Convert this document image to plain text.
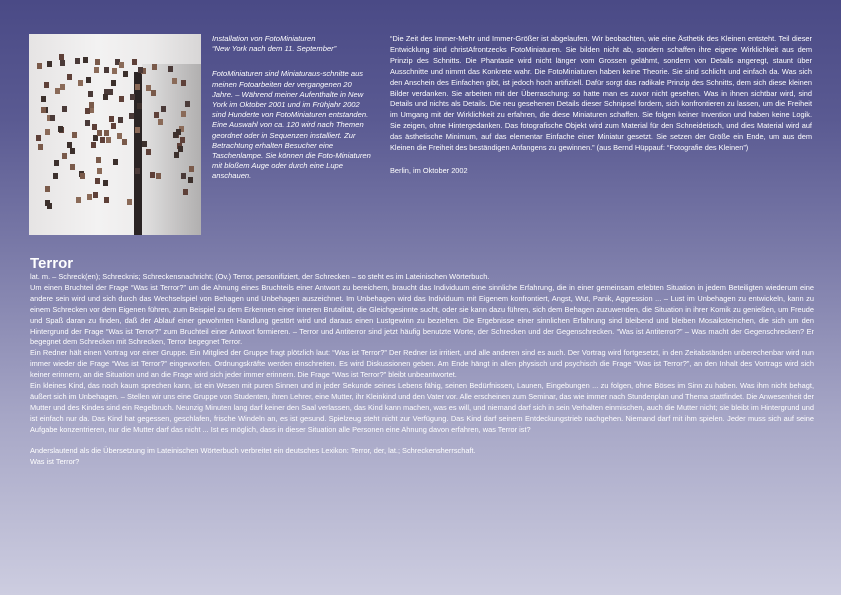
Installation von FotoMiniaturen
“New York nach dem 11. September”

FotoMiniaturen sind Miniaturaus-schnitte aus meinen Fotoarbeiten der vergangenen 20 Jahre. – Während meiner Aufenthalte in New York im Oktober 2001 und im Frühjahr 2002 sind Hunderte von FotoMiniaturen entstanden. Eine Auswahl von ca. 120 wird nach Themen geordnet oder in Sequenzen installiert. Zur Betrachtung erhalten Besucher eine Taschenlampe. Sie können die Foto-Miniaturen mit bloßem Auge oder durch eine Lupe anschauen.

“Die Zeit des Immer-Mehr und Immer-Größer ist abgelaufen. Wir beobachten, wie eine Ästhetik des Kleinen entsteht. Teil dieser Entwicklung sind christAfrontzecks FotoMiniaturen. Sie bilden nicht ab, sondern schaffen ihre eigene Wirklichkeit aus dem Prinzip des Schnitts. Die Phantasie wird nicht länger vom Grossen gelähmt, sondern von Details angeregt, staunt über Ausschnitte und nimmt das Konkrete wahr. Die FotoMiniaturen haben keine Theorie. Sie sind schlicht und einfach da. Was sich den Anschein des Einfachen gibt, ist jedoch hoch artifiziell. Dafür sorgt das radikale Prinzip des Schnitts, dem sich diese kleinen Bilder verdanken. Sie arbeiten mit der Überraschung: so hatte man es zuvor nicht gesehen. Was in ihnen sichtbar wird, sind Details und nichts als Details. Die neu gesehenen Details dieser Schnipsel fordern, sich konfrontieren zu lassen, um die Freiheit im Umgang mit der Wirklichkeit zu erfahren, die diese Miniaturen schaffen. Sie folgen keiner Invention und haben keine Logik. Sie zeigen, ohne Hintergedanken. Das fotografische Objekt wird zum Material für den Schneidetisch, und dies Material wird auf das ästhetische Minimum, auf das elementar Einfache einer Miniatur gesetzt. Sie setzen der Größe ein Ende, um aus dem Kleinen die Freiheit des beständigen Anfangens zu gewinnen.” (aus Bernd Hüppauf: “Fotografie des Kleinen”)

Berlin, im Oktober 2002

Terror

lat. m. – Schreck(en); Schrecknis; Schreckensnachricht; (Ov.) Terror, personifiziert, der Schrecken – so steht es im Lateinischen Wörterbuch.

Um einen Bruchteil der Frage “Was ist Terror?” um die Ahnung eines Bruchteils einer Antwort zu bereichern, braucht das Individuum eine sinnliche Erfahrung, die in einer gemeinsam erlebten Situation in jedem Beteiligten wiederum eine andere sein wird und sich durch das Wechselspiel von Behagen und Unbehagen auszeichnet. Im Unbehagen wird das Individuum mit Eigenem konfrontiert, Angst, Wut, Panik, Aggression ... – Lust im Unbehagen zu entwickeln, kann zu einem Schrecken vor dem Eigenen führen, zum Beispiel zu dem Erkennen einer inneren Brutalität, die Gleichgesinnte sucht, oder sie kann dazu führen, sich dem Behagen zuzuwenden, die Situation in ihrer Komik zu genießen, um Freude und Spaß daran zu finden, daß der Ablauf einer gewohnten Handlung gestört wird und daraus einen Lustgewinn zu beziehen. Die Ergebnisse einer sinnlichen Erfahrung sind bleibend und bleiben Mosaiksteinchen, die sich um den Hintergrund der Frage “Was ist Terror?” zum Bruchteil einer Antwort formieren. – Terror und Antiterror sind jetzt häufig benutzte Worte, der Schrecken und der Gegenschrecken. “Was ist Antiterror?” – Was macht der Gegenschrecken? Er begegnet dem Schrecken mit Schrecken, Terror begegnet Terror.

Ein Redner hält einen Vortrag vor einer Gruppe. Ein Mitglied der Gruppe fragt plötzlich laut: “Was ist Terror?” Der Redner ist irritiert, und alle anderen sind es auch. Der Vortrag wird fortgesetzt, in den Zeitabständen unberechenbar wird nun immer wieder die Frage “Was ist Terror?” eingeworfen. Ordnungskräfte werden einschreiten. Es wird Diskussionen geben. Am Ende hängt in allen physisch und psychisch die Frage “Was ist Terror?”, an den Inhalt des Vortrags wird sich keiner erinnern, an die Situation und an die Frage wird sich jeder immer erinnern. Die Frage “Was ist Terror?” bleibt unbeantwortet.

Ein kleines Kind, das noch kaum sprechen kann, ist ein Wesen mit puren Sinnen und in jeder Sekunde seines Lebens fähig, seinen Bedürfnissen, Launen, Eingebungen ... zu folgen, ohne Böses im Sinn zu haben. Was ihm nicht behagt, äußert sich im Unbehagen. – Stellen wir uns eine Gruppe von Studenten, ihren Lehrer, eine Mutter, ihr Kleinkind und den Vater vor. Alle erscheinen zum Seminar, das wie immer nach Stundenplan und Thema stattfindet. Die Anwesenheit der Mutter und des Kindes sind ein Regelbruch. Neunzig Minuten lang darf keiner den Saal verlassen, das Kind kann machen, was es will, und niemand darf sich in sein Verhalten einmischen, auch die Mutter nicht; sie bleibt im Hintergrund und ist einfach nur da. Das Kind hat gegessen, geschlafen, frische Windeln an, es ist gesund. Spielzeug steht nicht zur Verfügung. Das Kind darf seinem Entdeckungstrieb nachgehen. Niemand darf mit ihm spielen. Jeder muss sich auf seine Aufgabe konzentrieren, nur die Mutter darf das nicht ... Ist es möglich, dass in dieser Situation alle Personen eine Ahnung davon erfahren, was Terror ist?

Anderslautend als die Übersetzung im Lateinischen Wörterbuch verbreitet ein deutsches Lexikon: Terror, der, lat.; Schreckensherrschaft.

Was ist Terror?
